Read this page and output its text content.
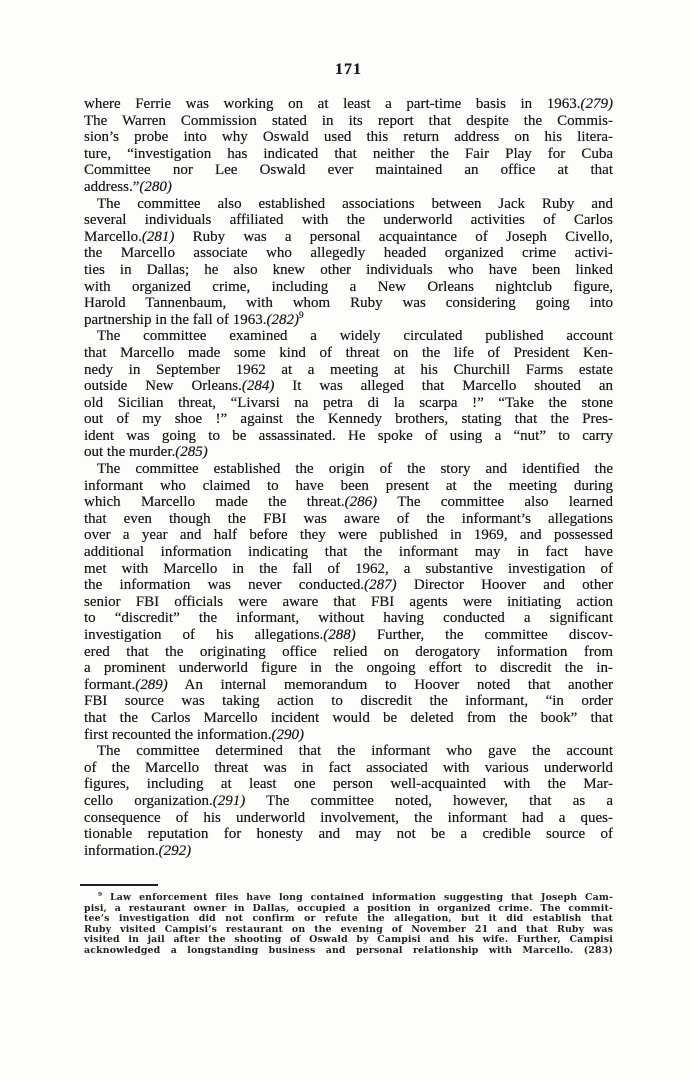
171
where Ferrie was working on at least a part-time basis in 1963.(279)
The Warren Commission stated in its report that despite the Commis-
sion’s probe into why Oswald used this return address on his litera-
ture, “investigation has indicated that neither the Fair Play for Cuba
Committee nor Lee Oswald ever maintained an office at that
address.”(280)
The committee also established associations between Jack Ruby and
several individuals affiliated with the underworld activities of Carlos
Marcello.(281) Ruby was a personal acquaintance of Joseph Civello,
the Marcello associate who allegedly headed organized crime activi-
ties in Dallas; he also knew other individuals who have been linked
with organized crime, including a New Orleans nightclub figure,
Harold Tannenbaum, with whom Ruby was considering going into
partnership in the fall of $1963.(282)^9$
The committee examined a widely circulated published account
that Marcello made some kind of threat on the life of President Ken-
nedy in September 1962 at a meeting at his Churchill Farms estate
outside New Orleans.(284) It was alleged that Marcello shouted an
old Sicilian threat, “Livarsi na petra di la scarpa !” “Take the stone
out of my shoe !” against the Kennedy brothers, stating that the Pres-
ident was going to be assassinated. He spoke of using a “nut” to carry
out the murder.(285)
The committee established the origin of the story and identified the
informant who claimed to have been present at the meeting during
which Marcello made the threat.(286) The committee also learned
that even though the FBI was aware of the informant’s allegations
over a year and half before they were published in 1969, and possessed
additional information indicating that the informant may in fact have
met with Marcello in the fall of 1962, a substantive investigation of
the information was never conducted.(287) Director Hoover and other
senior FBI officials were aware that FBI agents were initiating action
to “discredit” the informant, without having conducted a significant
investigation of his allegations.(288) Further, the committee discov-
ered that the originating office relied on derogatory information from
a prominent underworld figure in the ongoing effort to discredit the in-
formant.(289) An internal memorandum to Hoover noted that another
FBI source was taking action to discredit the informant, “in order
that the Carlos Marcello incident would be deleted from the book” that
first recounted the information.(290)
The committee determined that the informant who gave the account
of the Marcello threat was in fact associated with various underworld
figures, including at least one person well-acquainted with the Mar-
cello organization.(291) The committee noted, however, that as a
consequence of his underworld involvement, the informant had a ques-
tionable reputation for honesty and may not be a credible source of
information.(292)
$^9$ Law enforcement files have long contained information suggesting that Joseph Cam-
pisi, a restaurant owner in Dallas, occupied a position in organized crime. The commit-
tee’s investigation did not confirm or refute the allegation, but it did establish that
Ruby visited Campisi’s restaurant on the evening of November 21 and that Ruby was
visited in jail after the shooting of Oswald by Campisi and his wife. Further, Campisi
acknowledged a longstanding business and personal relationship with Marcello. (283)
